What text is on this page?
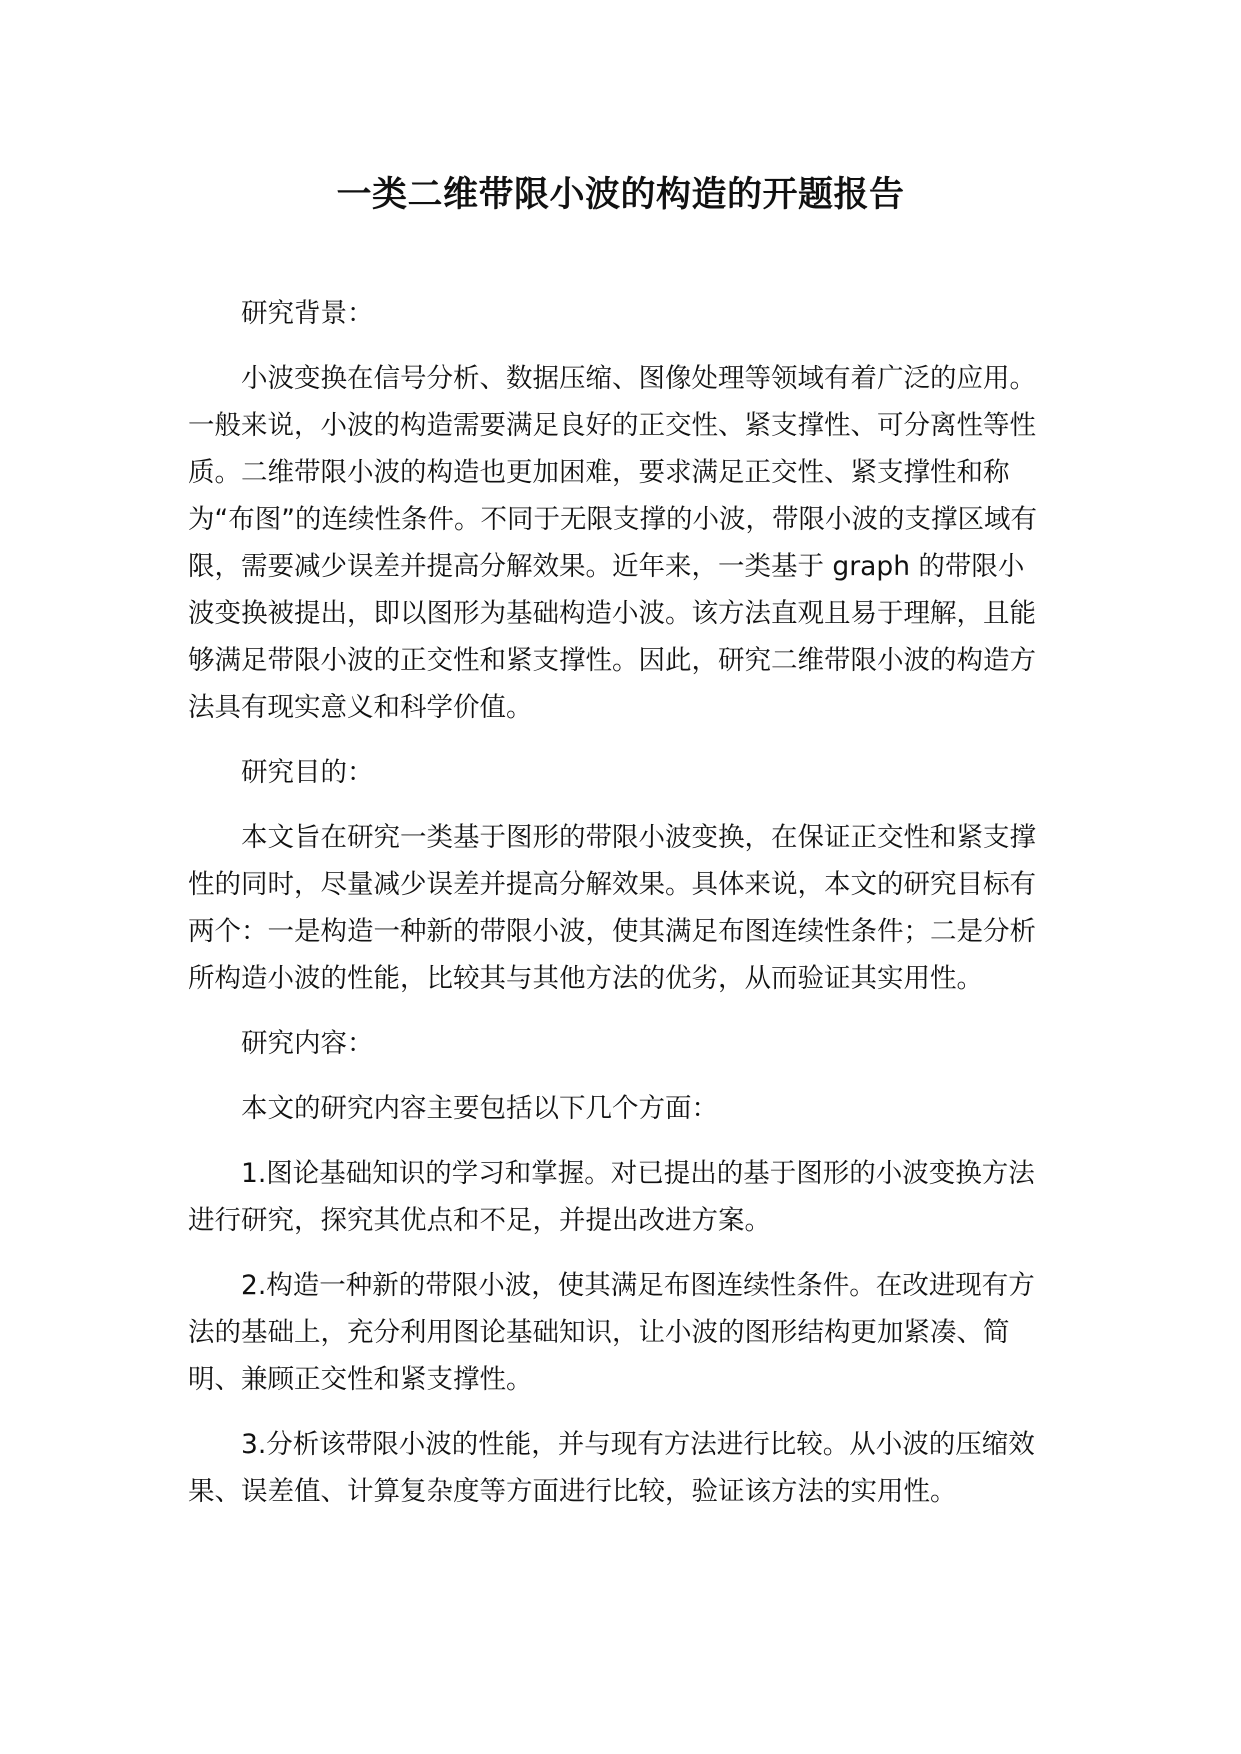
一类二维带限小波的构造的开题报告
研究背景：

小波变换在信号分析、数据压缩、图像处理等领域有着广泛的应用。一般来说，小波的构造需要满足良好的正交性、紧支撑性、可分离性等性质。二维带限小波的构造也更加困难，要求满足正交性、紧支撑性和称为“布图”的连续性条件。不同于无限支撑的小波，带限小波的支撑区域有限，需要减少误差并提高分解效果。近年来，一类基于 graph 的带限小波变换被提出，即以图形为基础构造小波。该方法直观且易于理解，且能够满足带限小波的正交性和紧支撑性。因此，研究二维带限小波的构造方法具有现实意义和科学价值。

研究目的：

本文旨在研究一类基于图形的带限小波变换，在保证正交性和紧支撑性的同时，尽量减少误差并提高分解效果。具体来说，本文的研究目标有两个：一是构造一种新的带限小波，使其满足布图连续性条件；二是分析所构造小波的性能，比较其与其他方法的优劣，从而验证其实用性。

研究内容：

本文的研究内容主要包括以下几个方面：

1.图论基础知识的学习和掌握。对已提出的基于图形的小波变换方法进行研究，探究其优点和不足，并提出改进方案。

2.构造一种新的带限小波，使其满足布图连续性条件。在改进现有方法的基础上，充分利用图论基础知识，让小波的图形结构更加紧凑、简明、兼顾正交性和紧支撑性。

3.分析该带限小波的性能，并与现有方法进行比较。从小波的压缩效果、误差值、计算复杂度等方面进行比较，验证该方法的实用性。
